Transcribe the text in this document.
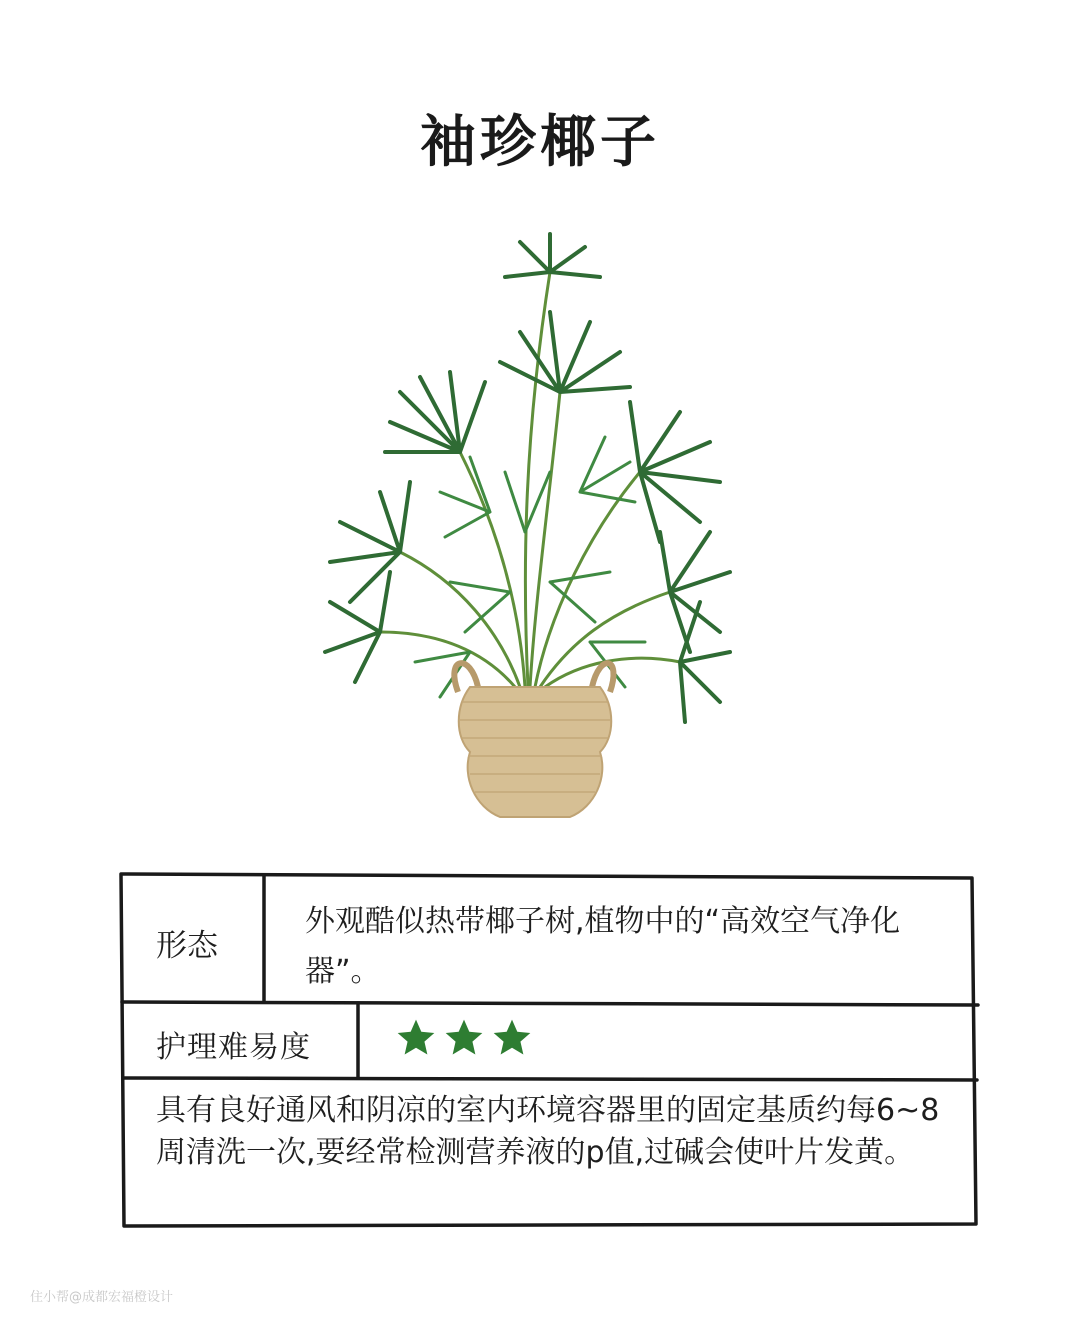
袖珍椰子
形态
外观酷似热带椰子树,植物中的“高效空气净化器”。
护理难易度
具有良好通风和阴凉的室内环境容器里的固定基质约每6~8周清洗一次,要经常检测营养液的p值,过碱会使叶片发黄。
住小帮@成都宏福橙设计
